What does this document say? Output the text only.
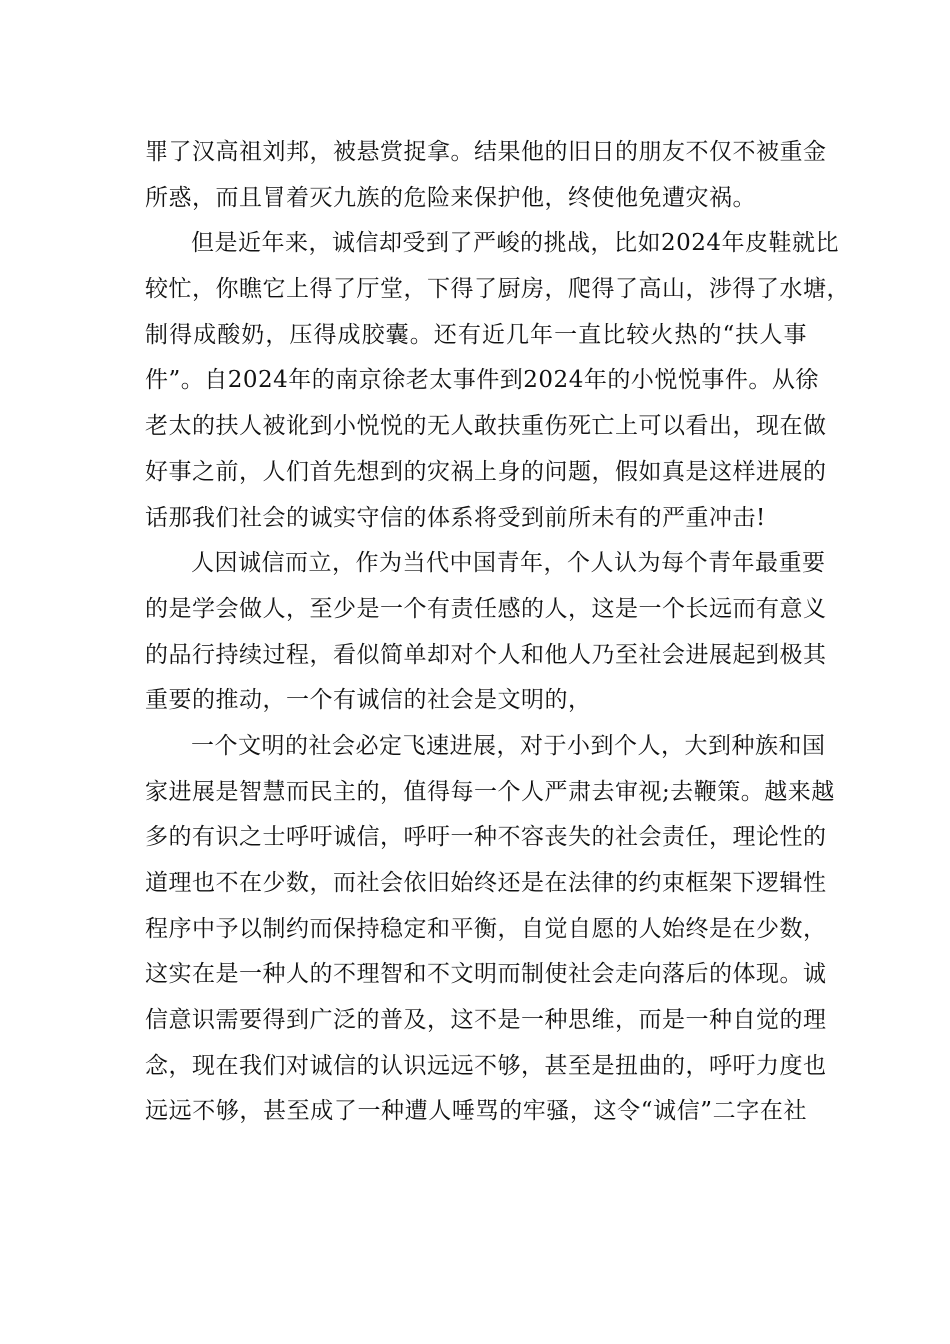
罪了汉高祖刘邦，被悬赏捉拿。结果他的旧日的朋友不仅不被重金
所惑，而且冒着灭九族的危险来保护他，终使他免遭灾祸。
但是近年来，诚信却受到了严峻的挑战，比如2024年皮鞋就比
较忙，你瞧它上得了厅堂，下得了厨房，爬得了高山，涉得了水塘，
制得成酸奶，压得成胶囊。还有近几年一直比较火热的“扶人事
件”。自2024年的南京徐老太事件到2024年的小悦悦事件。从徐
老太的扶人被讹到小悦悦的无人敢扶重伤死亡上可以看出，现在做
好事之前，人们首先想到的灾祸上身的问题，假如真是这样进展的
话那我们社会的诚实守信的体系将受到前所未有的严重冲击!
人因诚信而立，作为当代中国青年，个人认为每个青年最重要
的是学会做人，至少是一个有责任感的人，这是一个长远而有意义
的品行持续过程，看似简单却对个人和他人乃至社会进展起到极其
重要的推动，一个有诚信的社会是文明的，
一个文明的社会必定飞速进展，对于小到个人，大到种族和国
家进展是智慧而民主的，值得每一个人严肃去审视;去鞭策。越来越
多的有识之士呼吁诚信，呼吁一种不容丧失的社会责任，理论性的
道理也不在少数，而社会依旧始终还是在法律的约束框架下逻辑性
程序中予以制约而保持稳定和平衡，自觉自愿的人始终是在少数，
这实在是一种人的不理智和不文明而制使社会走向落后的体现。诚
信意识需要得到广泛的普及，这不是一种思维，而是一种自觉的理
念，现在我们对诚信的认识远远不够，甚至是扭曲的，呼吁力度也
远远不够，甚至成了一种遭人唾骂的牢骚，这令“诚信”二字在社
